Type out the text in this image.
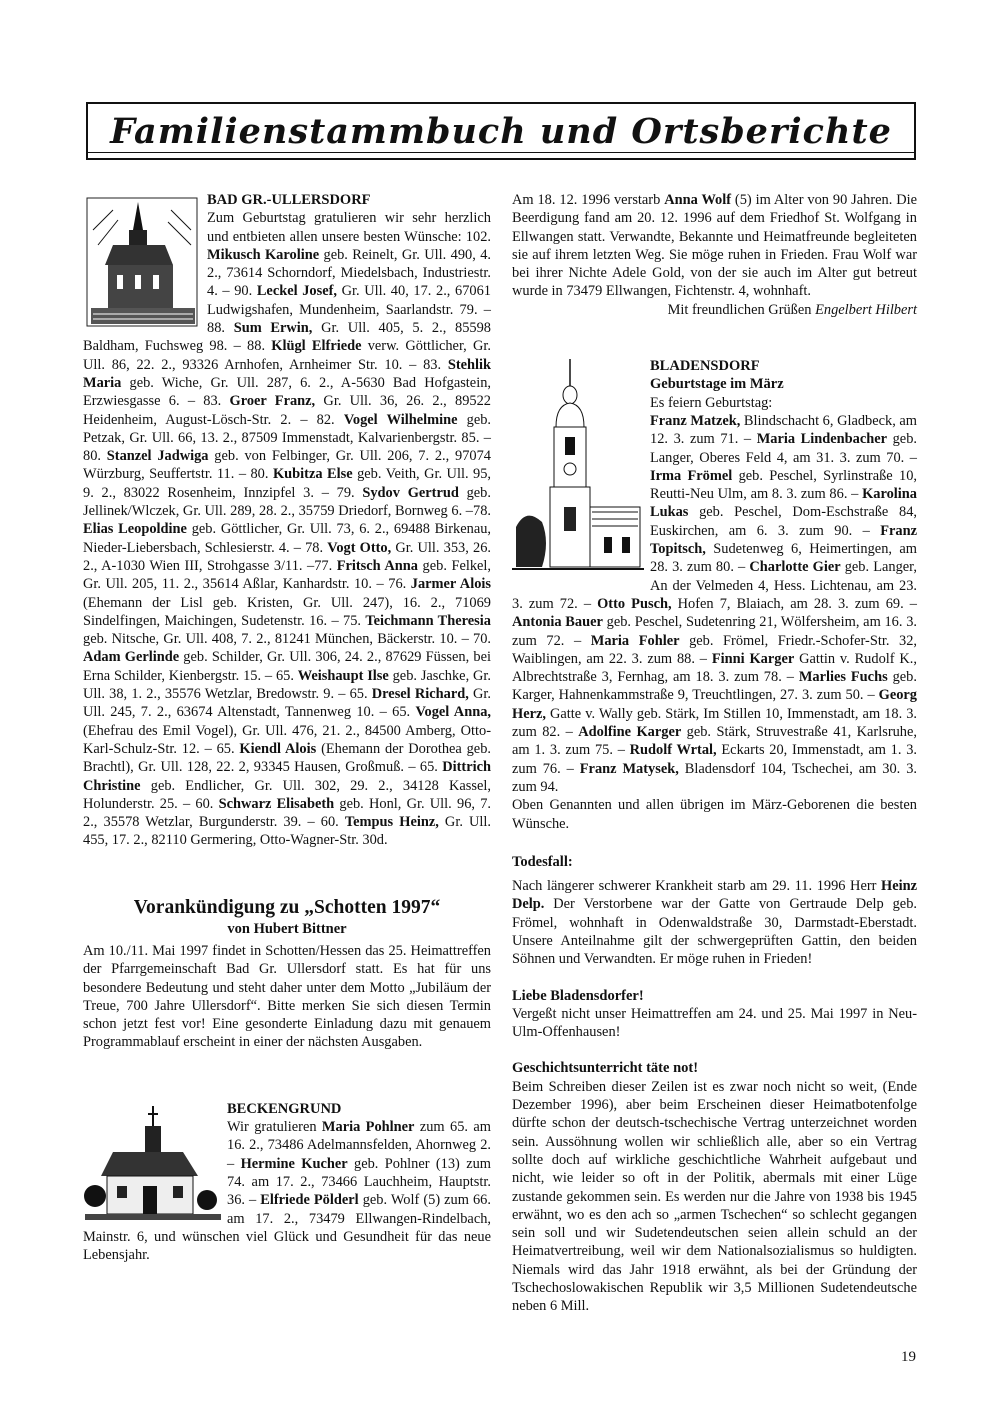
Familienstammbuch und Ortsberichte

BAD GR.-ULLERSDORF

Zum Geburtstag gratulieren wir sehr herzlich und entbieten allen unsere besten Wünsche: 102. Mikusch Karoline geb. Reinelt, Gr. Ull. 490, 4. 2., 73614 Schorndorf, Miedelsbach, Industriestr. 4. – 90. Leckel Josef, Gr. Ull. 40, 17. 2., 67061 Ludwigshafen, Mundenheim, Saarlandstr. 79. – 88. Sum Erwin, Gr. Ull. 405, 5. 2., 85598 Baldham, Fuchsweg 98. – 88. Klügl Elfriede verw. Göttlicher, Gr. Ull. 86, 22. 2., 93326 Arnhofen, Arnheimer Str. 10. – 83. Stehlik Maria geb. Wiche, Gr. Ull. 287, 6. 2., A-5630 Bad Hofgastein, Erzwiesgasse 6. – 83. Groer Franz, Gr. Ull. 36, 26. 2., 89522 Heidenheim, August-Lösch-Str. 2. – 82. Vogel Wilhelmine geb. Petzak, Gr. Ull. 66, 13. 2., 87509 Immenstadt, Kalvarienbergstr. 85. – 80. Stanzel Jadwiga geb. von Felbinger, Gr. Ull. 206, 7. 2., 97074 Würzburg, Seuffertstr. 11. – 80. Kubitza Else geb. Veith, Gr. Ull. 95, 9. 2., 83022 Rosenheim, Innzipfel 3. – 79. Sydov Gertrud geb. Jellinek/Wlczek, Gr. Ull. 289, 28. 2., 35759 Driedorf, Bornweg 6. –78. Elias Leopoldine geb. Göttlicher, Gr. Ull. 73, 6. 2., 69488 Birkenau, Nieder-Liebersbach, Schlesierstr. 4. – 78. Vogt Otto, Gr. Ull. 353, 26. 2., A-1030 Wien III, Strohgasse 3/11. –77. Fritsch Anna geb. Felkel, Gr. Ull. 205, 11. 2., 35614 Aßlar, Kanhardstr. 10. – 76. Jarmer Alois (Ehemann der Lisl geb. Kristen, Gr. Ull. 247), 16. 2., 71069 Sindelfingen, Maichingen, Sudetenstr. 16. – 75. Teichmann Theresia geb. Nitsche, Gr. Ull. 408, 7. 2., 81241 München, Bäckerstr. 10. – 70. Adam Gerlinde geb. Schilder, Gr. Ull. 306, 24. 2., 87629 Füssen, bei Erna Schilder, Kienbergstr. 15. – 65. Weishaupt Ilse geb. Jaschke, Gr. Ull. 38, 1. 2., 35576 Wetzlar, Bredowstr. 9. – 65. Dresel Richard, Gr. Ull. 245, 7. 2., 63674 Altenstadt, Tannenweg 10. – 65. Vogel Anna, (Ehefrau des Emil Vogel), Gr. Ull. 476, 21. 2., 84500 Amberg, Otto-Karl-Schulz-Str. 12. – 65. Kiendl Alois (Ehemann der Dorothea geb. Brachtl), Gr. Ull. 128, 22. 2, 93345 Hausen, Großmuß. – 65. Dittrich Christine geb. Endlicher, Gr. Ull. 302, 29. 2., 34128 Kassel, Holunderstr. 25. – 60. Schwarz Elisabeth geb. Honl, Gr. Ull. 96, 7. 2., 35578 Wetzlar, Burgunderstr. 39. – 60. Tempus Heinz, Gr. Ull. 455, 17. 2., 82110 Germering, Otto-Wagner-Str. 30d.

Vorankündigung zu „Schotten 1997“
von Hubert Bittner

Am 10./11. Mai 1997 findet in Schotten/Hessen das 25. Heimattreffen der Pfarrgemeinschaft Bad Gr. Ullersdorf statt. Es hat für uns besondere Bedeutung und steht daher unter dem Motto „Jubiläum der Treue, 700 Jahre Ullersdorf“. Bitte merken Sie sich diesen Termin schon jetzt fest vor! Eine gesonderte Einladung dazu mit genauem Programmablauf erscheint in einer der nächsten Ausgaben.

BECKENGRUND

Wir gratulieren Maria Pohlner zum 65. am 16. 2., 73486 Adelmannsfelden, Ahornweg 2. – Hermine Kucher geb. Pohlner (13) zum 74. am 17. 2., 73466 Lauchheim, Hauptstr. 36. – Elfriede Pölderl geb. Wolf (5) zum 66. am 17. 2., 73479 Ellwangen-Rindelbach, Mainstr. 6, und wünschen viel Glück und Gesundheit für das neue Lebensjahr.

Am 18. 12. 1996 verstarb Anna Wolf (5) im Alter von 90 Jahren. Die Beerdigung fand am 20. 12. 1996 auf dem Friedhof St. Wolfgang in Ellwangen statt. Verwandte, Bekannte und Heimatfreunde begleiteten sie auf ihrem letzten Weg. Sie möge ruhen in Frieden. Frau Wolf war bei ihrer Nichte Adele Gold, von der sie auch im Alter gut betreut wurde in 73479 Ellwangen, Fichtenstr. 4, wohnhaft.

Mit freundlichen Grüßen Engelbert Hilbert

BLADENSDORF

Geburtstage im März

Es feiern Geburtstag:

Franz Matzek, Blindschacht 6, Gladbeck, am 12. 3. zum 71. – Maria Lindenbacher geb. Langer, Oberes Feld 4, am 31. 3. zum 70. – Irma Frömel geb. Peschel, Syrlinstraße 10, Reutti-Neu Ulm, am 8. 3. zum 86. – Karolina Lukas geb. Peschel, Dom-Eschstraße 84, Euskirchen, am 6. 3. zum 90. – Franz Topitsch, Sudetenweg 6, Heimertingen, am 28. 3. zum 80. – Charlotte Gier geb. Langer, An der Velmeden 4, Hess. Lichtenau, am 23. 3. zum 72. – Otto Pusch, Hofen 7, Blaiach, am 28. 3. zum 69. – Antonia Bauer geb. Peschel, Sudetenring 21, Wölfersheim, am 16. 3. zum 72. – Maria Fohler geb. Frömel, Friedr.-Schofer-Str. 32, Waiblingen, am 22. 3. zum 88. – Finni Karger Gattin v. Rudolf K., Albrechtstraße 3, Fernhag, am 18. 3. zum 78. – Marlies Fuchs geb. Karger, Hahnenkammstraße 9, Treuchtlingen, 27. 3. zum 50. – Georg Herz, Gatte v. Wally geb. Stärk, Im Stillen 10, Immenstadt, am 18. 3. zum 82. – Adolfine Karger geb. Stärk, Struvestraße 41, Karlsruhe, am 1. 3. zum 75. – Rudolf Wrtal, Eckarts 20, Immenstadt, am 1. 3. zum 76. – Franz Matysek, Bladensdorf 104, Tschechei, am 30. 3. zum 94.

Oben Genannten und allen übrigen im März-Geborenen die besten Wünsche.

Todesfall:

Nach längerer schwerer Krankheit starb am 29. 11. 1996 Herr Heinz Delp. Der Verstorbene war der Gatte von Gertraude Delp geb. Frömel, wohnhaft in Odenwaldstraße 30, Darmstadt-Eberstadt. Unsere Anteilnahme gilt der schwergeprüften Gattin, den beiden Söhnen und Verwandten. Er möge ruhen in Frieden!

Liebe Bladensdorfer!

Vergeßt nicht unser Heimattreffen am 24. und 25. Mai 1997 in Neu-Ulm-Offenhausen!

Geschichtsunterricht täte not!

Beim Schreiben dieser Zeilen ist es zwar noch nicht so weit, (Ende Dezember 1996), aber beim Erscheinen dieser Heimatbotenfolge dürfte schon der deutsch-tschechische Vertrag unterzeichnet worden sein. Aussöhnung wollen wir schließlich alle, aber so ein Vertrag sollte doch auf wirkliche geschichtliche Wahrheit aufgebaut und nicht, wie leider so oft in der Politik, abermals mit einer Lüge zustande gekommen sein. Es werden nur die Jahre von 1938 bis 1945 erwähnt, wo es den ach so „armen Tschechen“ so schlecht gegangen sein soll und wir Sudetendeutschen seien allein schuld an der Heimatvertreibung, weil wir dem Nationalsozialismus so huldigten. Niemals wird das Jahr 1918 erwähnt, als bei der Gründung der Tschechoslowakischen Republik wir 3,5 Millionen Sudetendeutsche neben 6 Mill.

19
